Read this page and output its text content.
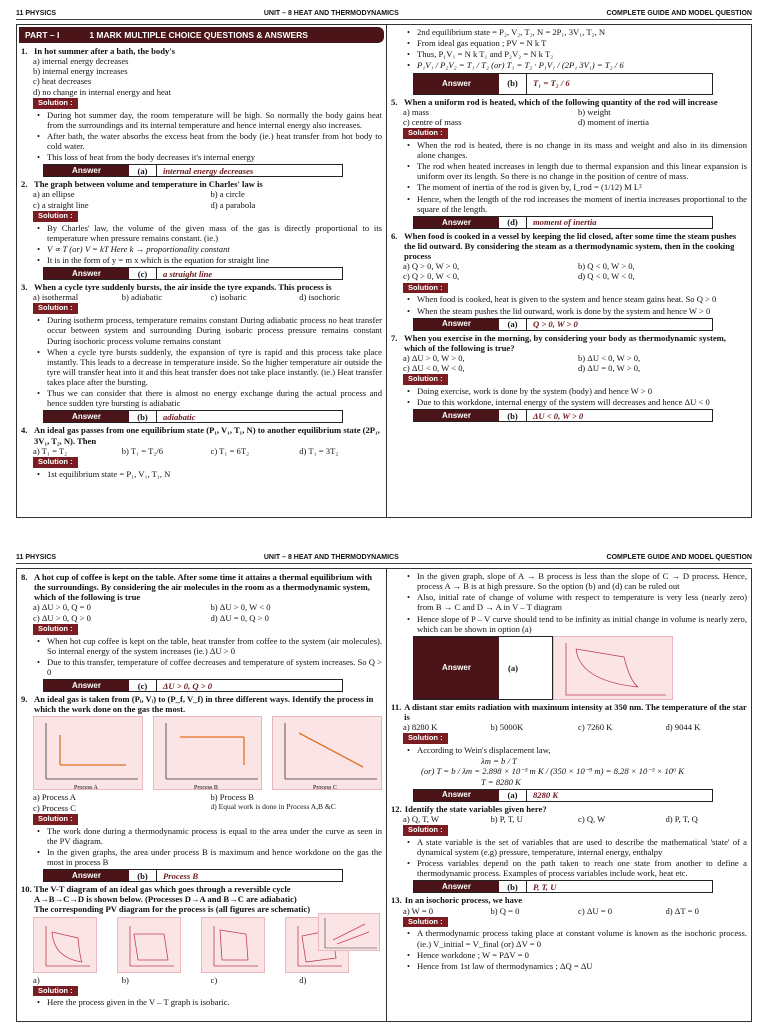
11 PHYSICS	UNIT – 8 HEAT AND THERMODYNAMICS	COMPLETE GUIDE AND MODEL QUESTION
PART – I	1 MARK MULTIPLE CHOICE QUESTIONS & ANSWERS
1. In hot summer after a bath, the body's
a) internal energy decreases
b) internal energy increases
c) heat decreases
d) no change in internal energy and heat
Solution :
• During hot summer day, the room temperature will be high. So normally the body gains heat from the surroundings and its internal temperature and hence internal energy also increases.
• After bath, the water absorbs the excess heat from the body (ie.) heat transfer from hot body to cold water.
• This loss of heat from the body decreases it's internal energy
Answer	(a)	internal energy decreases
2. The graph between volume and temperature in Charles' law is
a) an ellipse	b) a circle
c) a straight line	d) a parabola
Solution :
• By Charles' law, the volume of the given mass of the gas is directly proportional to its temperature when pressure remains constant. (ie.)
• V ∝ T (or) V = kT Here k → proportionality constant
• It is in the form of y = m x which is the equation for straight line
Answer	(c)	a straight line
3. When a cycle tyre suddenly bursts, the air inside the tyre expands. This process is
a) isothermal	b) adiabatic	c) isobaric	d) isochoric
Solution :
• During isotherm process, temperature remains constant During adiabatic process no heat transfer occur between system and surrounding During isobaric process pressure remains constant During isochoric process volume remains constant
• When a cycle tyre bursts suddenly, the expansion of tyre is rapid and this process take place instantly. This leads to a decrease in temperature inside. So the higher temperature air outside the tyre will transfer heat into it and this heat transfer does not take place instantly. (ie.) Heat transfer takes place after the bursting.
• Thus we can consider that there is almost no energy exchange during the actual process and hence sudden tyre bursting is adiabatic
Answer	(b)	adiabatic
4. An ideal gas passes from one equilibrium state (P₁, V₁, T₁, N) to another equilibrium state (2P₁, 3V₁, T₂, N). Then
a) T₁ = T₂	b) T₁ = T₂/6	c) T₁ = 6T₂	d) T₁ = 3T₂
Solution :
• 1st equilibrium state = P₁, V₁, T₁, N
• 2nd equilibrium state = P₂, V₂, T₂, N = 2P₁, 3V₁, T₂, N
• From ideal gas equation ; PV = N k T
• Thus, P₁V₁ = N k T₁ and P₂V₂ = N k T₂
• P₁V₁ / P₂V₂ = T₁ / T₂ (or) T₁ = T₂ · P₁V₁ / (2P₁ 3V₁) = T₂ / 6
Answer	(b)	T₁ = T₂ / 6
5. When a uniform rod is heated, which of the following quantity of the rod will increase
a) mass	b) weight
c) centre of mass	d) moment of inertia
Solution :
• When the rod is heated, there is no change in its mass and weight and also in its dimension alone changes.
• The rod when heated increases in length due to thermal expansion and this linear expansion is uniform over its length. So there is no change in the position of centre of mass.
• The moment of inertia of the rod is given by, I_rod = (1/12) M L²
• Hence, when the length of the rod increases the moment of inertia increases proportional to the square of the length.
Answer	(d)	moment of inertia
6. When food is cooked in a vessel by keeping the lid closed, after some time the steam pushes the lid outward. By considering the steam as a thermodynamic system, then in the cooking process
a) Q > 0, W > 0,	b) Q < 0, W > 0,
c) Q > 0, W < 0,	d) Q < 0, W < 0,
Solution :
• When food is cooked, heat is given to the system and hence steam gains heat. So Q > 0
• When the steam pushes the lid outward, work is done by the system and hence W > 0
Answer	(a)	Q > 0, W > 0
7. When you exercise in the morning, by considering your body as thermodynamic system, which of the following is true?
a) ΔU > 0, W > 0,	b) ΔU < 0, W > 0,
c) ΔU < 0, W < 0,	d) ΔU = 0, W > 0,
Solution :
• Doing exercise, work is done by the system (body) and hence W > 0
• Due to this workdone, internal energy of the system will decreases and hence ΔU < 0
Answer	(b)	ΔU < 0, W > 0
11 PHYSICS	UNIT – 8 HEAT AND THERMODYNAMICS	COMPLETE GUIDE AND MODEL QUESTION
8. A hot cup of coffee is kept on the table. After some time it attains a thermal equilibrium with the surroundings. By considering the air molecules in the room as a thermodynamic system, which of the following is true
a) ΔU > 0, Q = 0	b) ΔU > 0, W < 0
c) ΔU > 0, Q > 0	d) ΔU = 0, Q > 0
Solution :
• When hot cup coffee is kept on the table, heat transfer from coffee to the system (air molecules). So internal energy of the system increases (ie.) ΔU > 0
• Due to this transfer, temperature of coffee decreases and temperature of system increases. So Q > 0
Answer	(c)	ΔU > 0, Q > 0
9. An ideal gas is taken from (Pᵢ, Vᵢ) to (P_f, V_f) in three different ways. Identify the process in which the work done on the gas the most.
Process A	Process B	Process C
a) Process A	b) Process B
c) Process C	d) Equal work is done in Process A,B &C
Solution :
• The work done during a thermodynamic process is equal to the area under the curve as seen in the PV diagram.
• In the given graphs, the area under process B is maximum and hence workdone on the gas the most in process B
Answer	(b)	Process B
10. The V-T diagram of an ideal gas which goes through a reversible cycle A→B→C→D is shown below. (Processes D→A and B→C are adiabatic) The corresponding PV diagram for the process is (all figures are schematic)
a)	b)	c)	d)
Solution :
• Here the process given in the V – T graph is isobaric.
• In the given graph, slope of A → B process is less than the slope of C → D process. Hence, process A → B is at high pressure. So the option (b) and (d) can be ruled out
• Also, initial rate of change of volume with respect to temperature is very less (nearly zero) from B → C and D → A in V – T diagram
• Hence slope of P – V curve should tend to be infinity as initial change in volume is nearly zero, which can be shown in option (a)
Answer	(a)
11. A distant star emits radiation with maximum intensity at 350 nm. The temperature of the star is
a) 8280 K	b) 5000K	c) 7260 K	d) 9044 K
Solution :
• According to Wein's displacement law,
λm = b / T
(or) T = b / λm = 2.898 × 10⁻³ m K / (350 × 10⁻⁹ m) = 8.28 × 10⁻³ × 10⁶ K
T = 8280 K
Answer	(a)	8280 K
12. Identify the state variables given here?
a) Q, T, W	b) P, T, U	c) Q, W	d) P, T, Q
Solution :
• A state variable is the set of variables that are used to describe the mathematical 'state' of a dynamical system (e.g) pressure, temperature, internal energy, enthalpy
• Process variables depend on the path taken to reach one state from another to define a thermodynamic process. Examples of process variables include work, heat etc.
Answer	(b)	P, T, U
13. In an isochoric process, we have
a) W = 0	b) Q = 0	c) ΔU = 0	d) ΔT = 0
Solution :
• A thermodynamic process taking place at constant volume is known as the isochoric process. (ie.) V_initial = V_final (or) ΔV = 0
• Hence workdone ; W = PΔV = 0
• Hence from 1st law of thermodynamics ; ΔQ = ΔU
